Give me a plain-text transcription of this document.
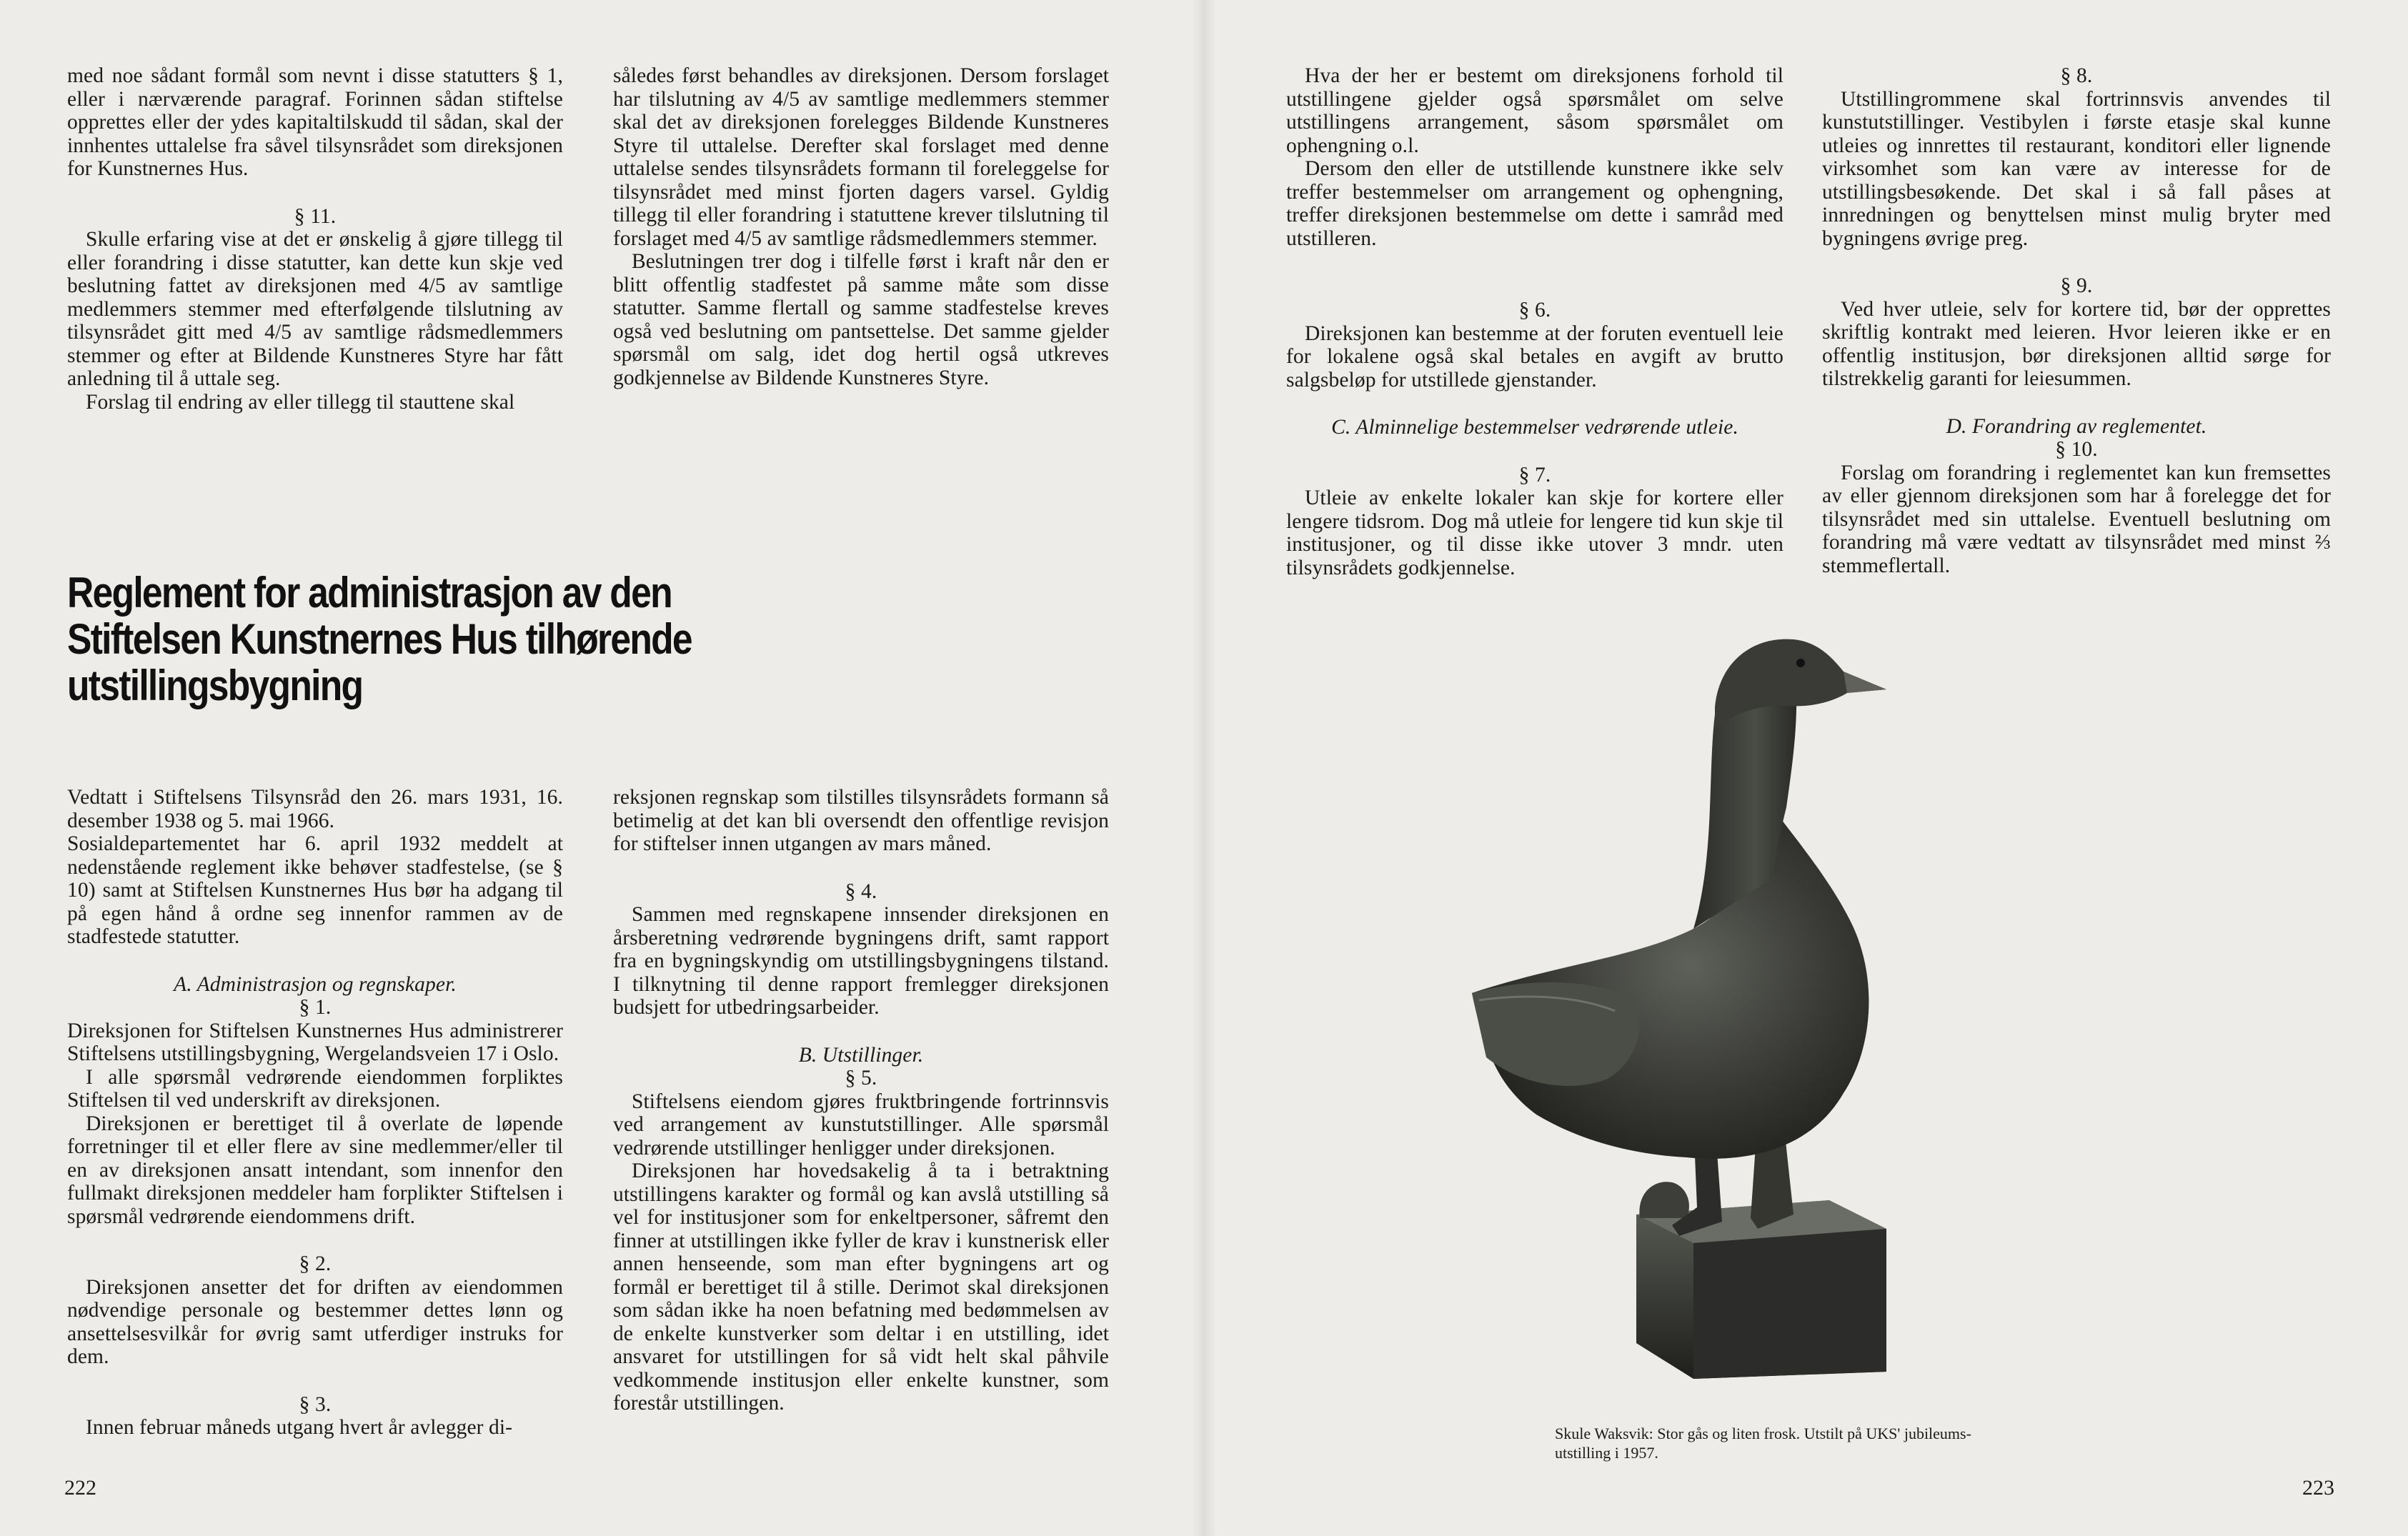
med noe sådant formål som nevnt i disse statutters § 1, eller i nærværende paragraf. Forinnen sådan stiftelse opprettes eller der ydes kapitaltilskudd til sådan, skal der innhentes uttalelse fra såvel tilsynsrådet som direksjonen for Kunstnernes Hus.

§ 11.

Skulle erfaring vise at det er ønskelig å gjøre tillegg til eller forandring i disse statutter, kan dette kun skje ved beslutning fattet av direksjonen med 4/5 av samtlige medlemmers stemmer med efterfølgende tilslutning av tilsynsrådet gitt med 4/5 av samtlige rådsmedlemmers stemmer og efter at Bildende Kunstneres Styre har fått anledning til å uttale seg.

Forslag til endring av eller tillegg til stauttene skal

således først behandles av direksjonen. Dersom forslaget har tilslutning av 4/5 av samtlige medlemmers stemmer skal det av direksjonen forelegges Bildende Kunstneres Styre til uttalelse. Derefter skal forslaget med denne uttalelse sendes tilsynsrådets formann til foreleggelse for tilsynsrådet med minst fjorten dagers varsel. Gyldig tillegg til eller forandring i statuttene krever tilslutning til forslaget med 4/5 av samtlige rådsmedlemmers stemmer.

Beslutningen trer dog i tilfelle først i kraft når den er blitt offentlig stadfestet på samme måte som disse statutter. Samme flertall og samme stadfestelse kreves også ved beslutning om pantsettelse. Det samme gjelder spørsmål om salg, idet dog hertil også utkreves godkjennelse av Bildende Kunstneres Styre.

Reglement for administrasjon av den
Stiftelsen Kunstnernes Hus tilhørende
utstillingsbygning

Vedtatt i Stiftelsens Tilsynsråd den 26. mars 1931, 16. desember 1938 og 5. mai 1966.

Sosialdepartementet har 6. april 1932 meddelt at nedenstående reglement ikke behøver stadfestelse, (se § 10) samt at Stiftelsen Kunstnernes Hus bør ha adgang til på egen hånd å ordne seg innenfor rammen av de stadfestede statutter.

A. Administrasjon og regnskaper.

§ 1.

Direksjonen for Stiftelsen Kunstnernes Hus administrerer Stiftelsens utstillingsbygning, Wergelandsveien 17 i Oslo.

I alle spørsmål vedrørende eiendommen forpliktes Stiftelsen til ved underskrift av direksjonen.

Direksjonen er berettiget til å overlate de løpende forretninger til et eller flere av sine medlemmer/eller til en av direksjonen ansatt intendant, som innenfor den fullmakt direksjonen meddeler ham forplikter Stiftelsen i spørsmål vedrørende eiendommens drift.

§ 2.

Direksjonen ansetter det for driften av eiendommen nødvendige personale og bestemmer dettes lønn og ansettelsesvilkår for øvrig samt utferdiger instruks for dem.

§ 3.

Innen februar måneds utgang hvert år avlegger di-

reksjonen regnskap som tilstilles tilsynsrådets formann så betimelig at det kan bli oversendt den offentlige revisjon for stiftelser innen utgangen av mars måned.

§ 4.

Sammen med regnskapene innsender direksjonen en årsberetning vedrørende bygningens drift, samt rapport fra en bygningskyndig om utstillingsbygningens tilstand. I tilknytning til denne rapport fremlegger direksjonen budsjett for utbedringsarbeider.

B. Utstillinger.

§ 5.

Stiftelsens eiendom gjøres fruktbringende fortrinnsvis ved arrangement av kunstutstillinger. Alle spørsmål vedrørende utstillinger henligger under direksjonen.

Direksjonen har hovedsakelig å ta i betraktning utstillingens karakter og formål og kan avslå utstilling så vel for institusjoner som for enkeltpersoner, såfremt den finner at utstillingen ikke fyller de krav i kunstnerisk eller annen henseende, som man efter bygningens art og formål er berettiget til å stille. Derimot skal direksjonen som sådan ikke ha noen befatning med bedømmelsen av de enkelte kunstverker som deltar i en utstilling, idet ansvaret for utstillingen for så vidt helt skal påhvile vedkommende institusjon eller enkelte kunstner, som forestår utstillingen.

222

Hva der her er bestemt om direksjonens forhold til utstillingene gjelder også spørsmålet om selve utstillingens arrangement, såsom spørsmålet om ophengning o.l.

Dersom den eller de utstillende kunstnere ikke selv treffer bestemmelser om arrangement og ophengning, treffer direksjonen bestemmelse om dette i samråd med utstilleren.

§ 6.

Direksjonen kan bestemme at der foruten eventuell leie for lokalene også skal betales en avgift av brutto salgsbeløp for utstillede gjenstander.

C. Alminnelige bestemmelser vedrørende utleie.

§ 7.

Utleie av enkelte lokaler kan skje for kortere eller lengere tidsrom. Dog må utleie for lengere tid kun skje til institusjoner, og til disse ikke utover 3 mndr. uten tilsynsrådets godkjennelse.

§ 8.

Utstillingrommene skal fortrinnsvis anvendes til kunstutstillinger. Vestibylen i første etasje skal kunne utleies og innrettes til restaurant, konditori eller lignende virksomhet som kan være av interesse for de utstillingsbesøkende. Det skal i så fall påses at innredningen og benyttelsen minst mulig bryter med bygningens øvrige preg.

§ 9.

Ved hver utleie, selv for kortere tid, bør der opprettes skriftlig kontrakt med leieren. Hvor leieren ikke er en offentlig institusjon, bør direksjonen alltid sørge for tilstrekkelig garanti for leiesummen.

D. Forandring av reglementet.

§ 10.

Forslag om forandring i reglementet kan kun fremsettes av eller gjennom direksjonen som har å forelegge det for tilsynsrådet med sin uttalelse. Eventuell beslutning om forandring må være vedtatt av tilsynsrådet med minst ⅔ stemmeflertall.

Skule Waksvik: Stor gås og liten frosk. Utstilt på UKS' jubileums-
utstilling i 1957.
223
